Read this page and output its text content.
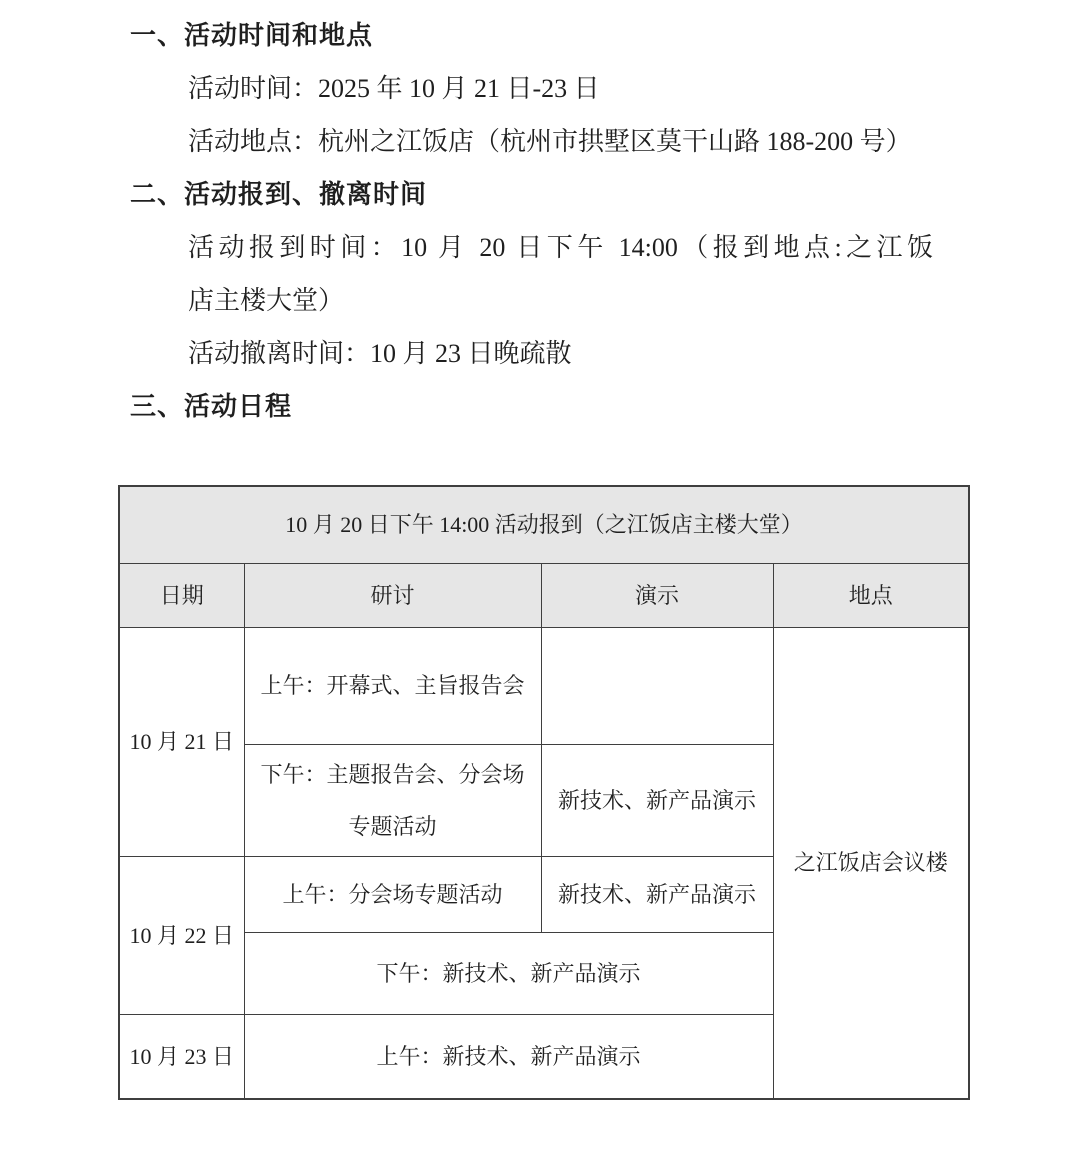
一、活动时间和地点
活动时间：2025 年 10 月 21 日-23 日
活动地点：杭州之江饭店（杭州市拱墅区莫干山路 188-200 号）
二、活动报到、撤离时间
活动报到时间：10 月 20 日下午 14:00（报到地点:之江饭
店主楼大堂）
活动撤离时间：10 月 23 日晚疏散
三、活动日程
10 月 20 日下午 14:00 活动报到（之江饭店主楼大堂）			
日期	研讨	演示	地点
10 月 21 日	上午：开幕式、主旨报告会		之江饭店会议楼
	下午：主题报告会、分会场专题活动	新技术、新产品演示	
10 月 22 日	上午：分会场专题活动	新技术、新产品演示	
	下午：新技术、新产品演示		
10 月 23 日	上午：新技术、新产品演示		
